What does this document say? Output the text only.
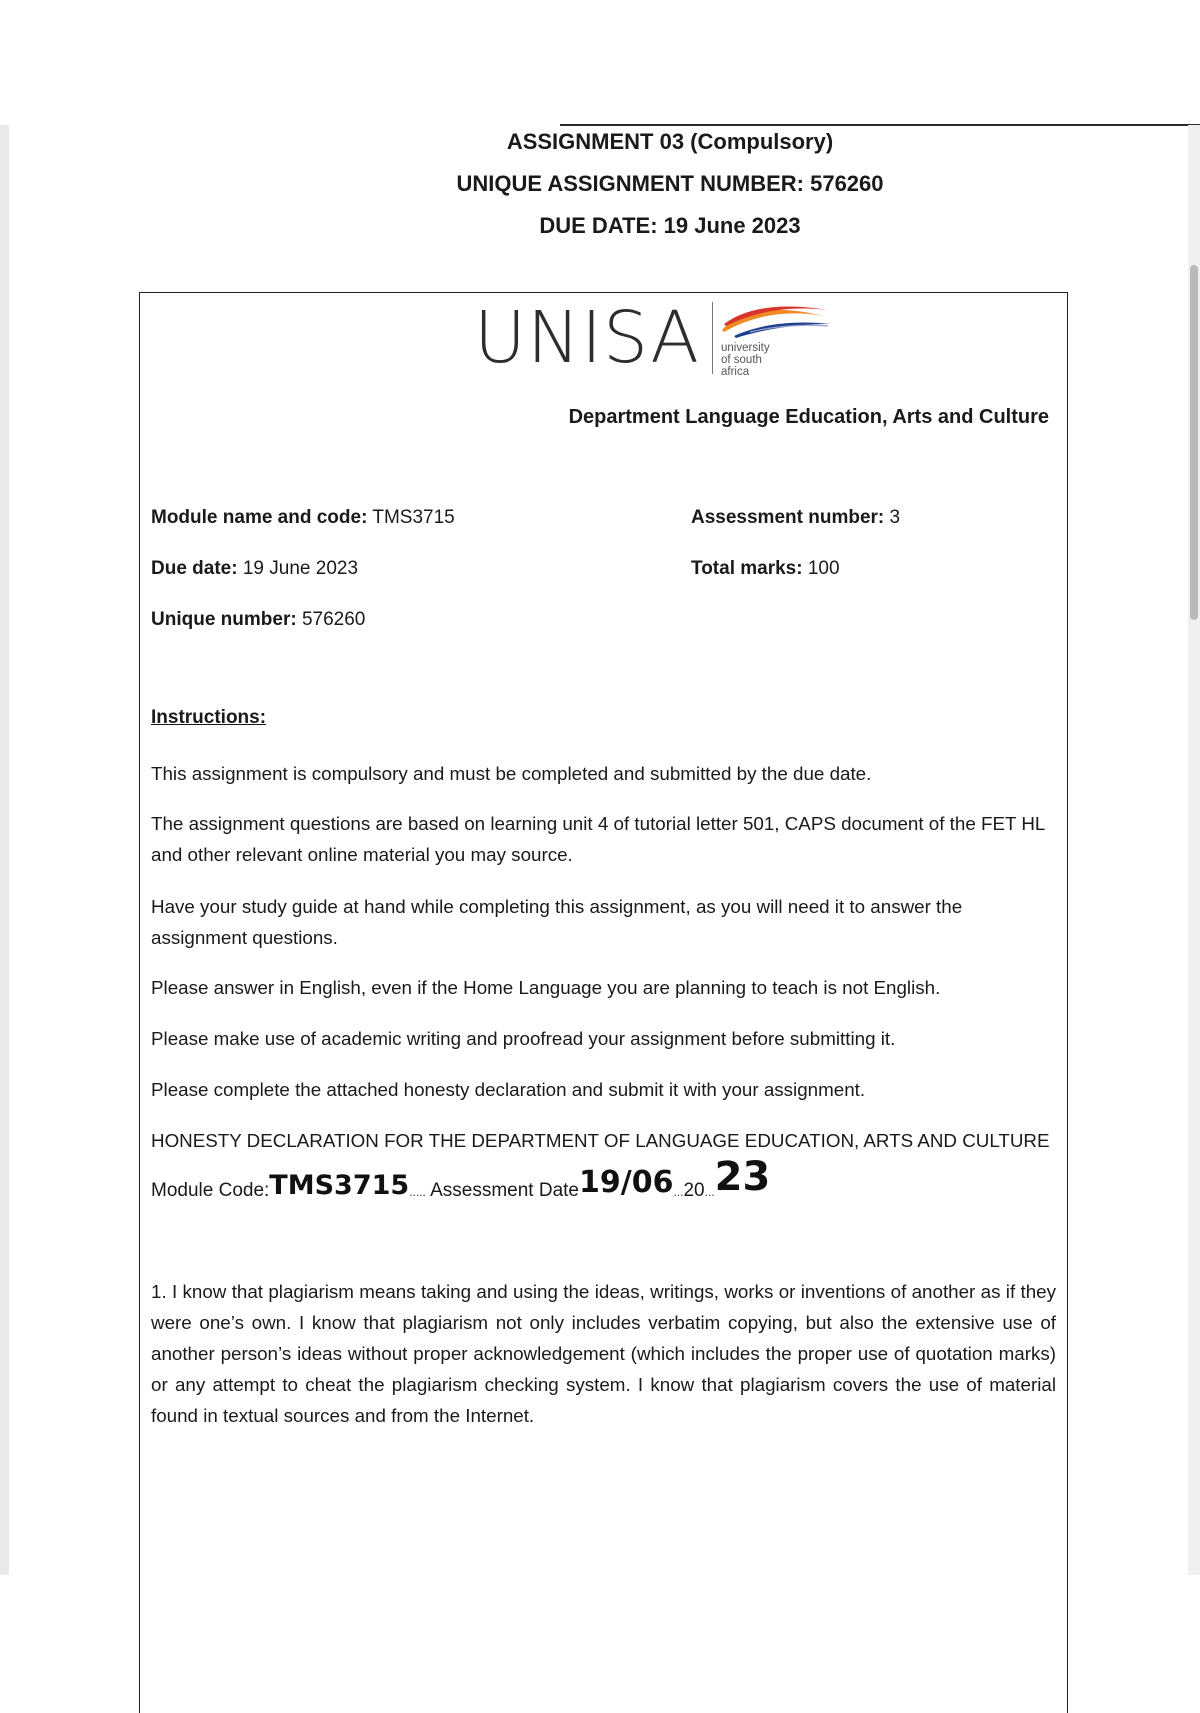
ASSIGNMENT 03 (Compulsory)
UNIQUE ASSIGNMENT NUMBER: 576260
DUE DATE: 19 June 2023
UNISA university
of south africa
Department Language Education, Arts and Culture
Module name and code: TMS3715	Assessment number: 3
Due date: 19 June 2023	Total marks: 100
Unique number: 576260
Instructions:
This assignment is compulsory and must be completed and submitted by the due date.
The assignment questions are based on learning unit 4 of tutorial letter 501, CAPS document of the FET HL and other relevant online material you may source.
Have your study guide at hand while completing this assignment, as you will need it to answer the assignment questions.
Please answer in English, even if the Home Language you are planning to teach is not English.
Please make use of academic writing and proofread your assignment before submitting it.
Please complete the attached honesty declaration and submit it with your assignment.
HONESTY DECLARATION FOR THE DEPARTMENT OF LANGUAGE EDUCATION, ARTS AND CULTURE
Module Code:TMS3715..... Assessment Date19/06...20...23
1. I know that plagiarism means taking and using the ideas, writings, works or inventions of another as if they were one’s own. I know that plagiarism not only includes verbatim copying, but also the extensive use of another person’s ideas without proper acknowledgement (which includes the proper use of quotation marks) or any attempt to cheat the plagiarism checking system. I know that plagiarism covers the use of material found in textual sources and from the Internet.
